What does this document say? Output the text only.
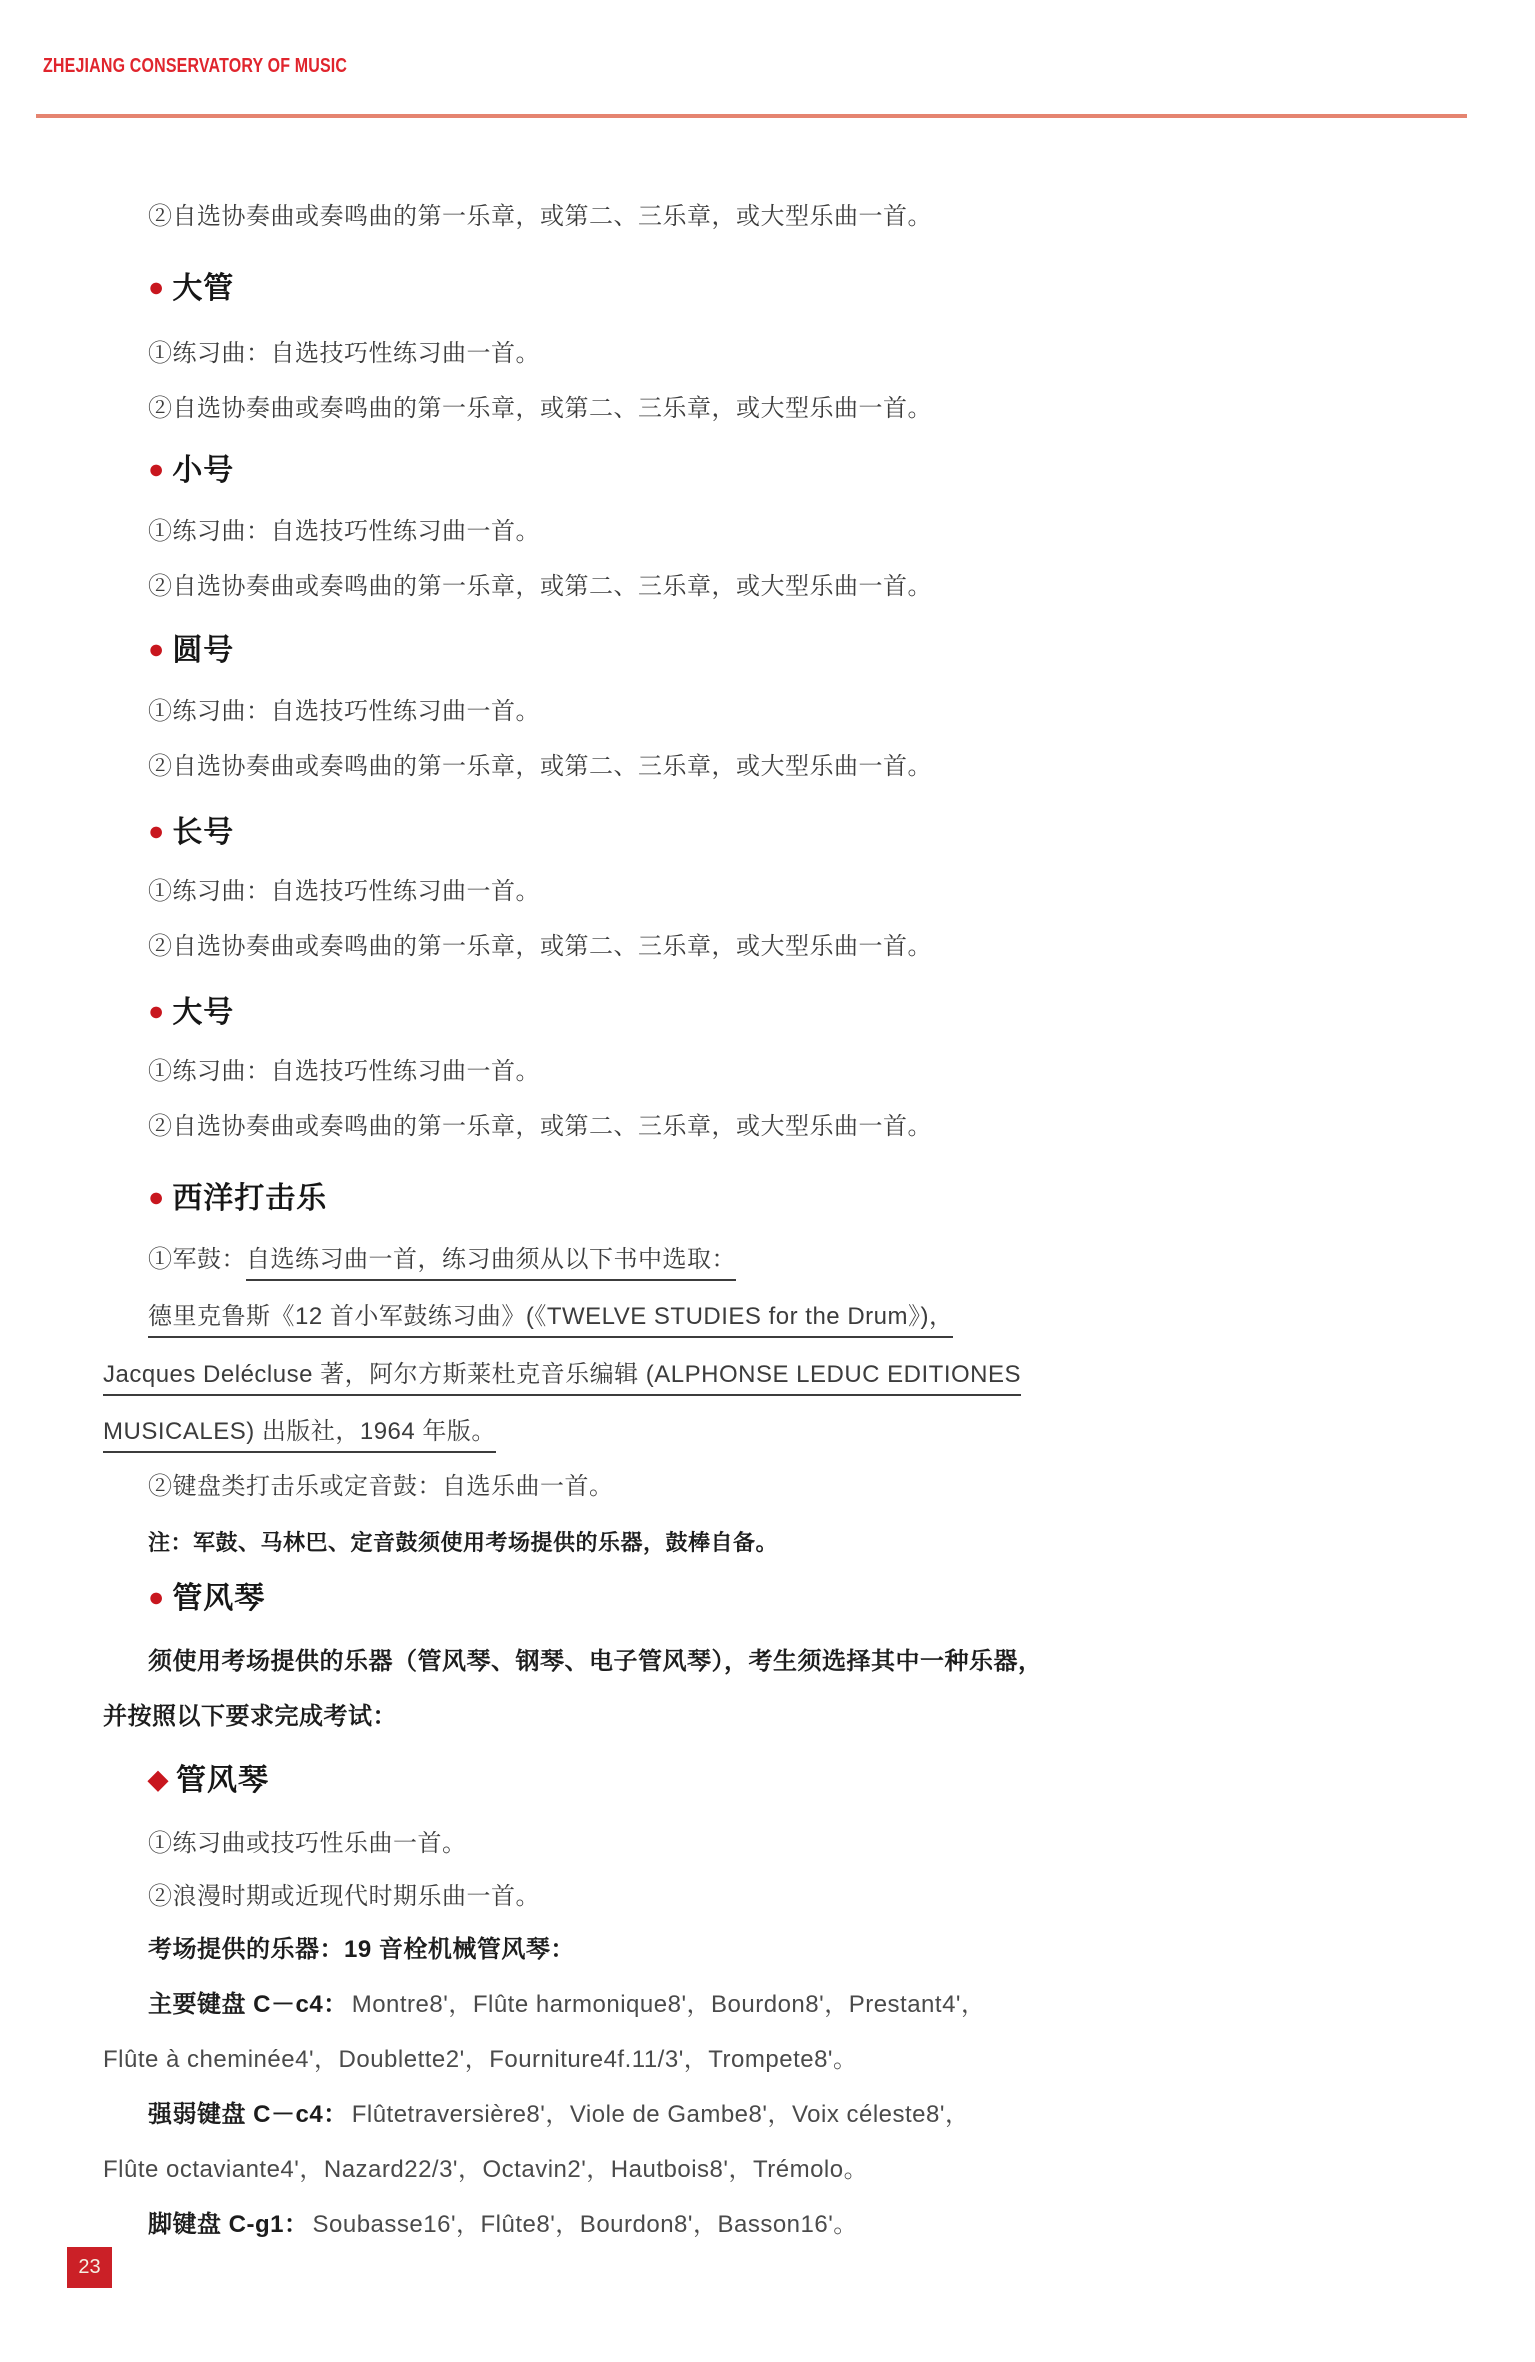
ZHEJIANG CONSERVATORY OF MUSIC
②自选协奏曲或奏鸣曲的第一乐章，或第二、三乐章，或大型乐曲一首。
● 大管
①练习曲：自选技巧性练习曲一首。
②自选协奏曲或奏鸣曲的第一乐章，或第二、三乐章，或大型乐曲一首。
● 小号
①练习曲：自选技巧性练习曲一首。
②自选协奏曲或奏鸣曲的第一乐章，或第二、三乐章，或大型乐曲一首。
● 圆号
①练习曲：自选技巧性练习曲一首。
②自选协奏曲或奏鸣曲的第一乐章，或第二、三乐章，或大型乐曲一首。
● 长号
①练习曲：自选技巧性练习曲一首。
②自选协奏曲或奏鸣曲的第一乐章，或第二、三乐章，或大型乐曲一首。
● 大号
①练习曲：自选技巧性练习曲一首。
②自选协奏曲或奏鸣曲的第一乐章，或第二、三乐章，或大型乐曲一首。
● 西洋打击乐
①军鼓：自选练习曲一首，练习曲须从以下书中选取：
德里克鲁斯《12 首小军鼓练习曲》(《TWELVE STUDIES for the Drum》)，
Jacques Delécluse 著，阿尔方斯莱杜克音乐编辑 (ALPHONSE LEDUC EDITIONES
MUSICALES) 出版社，1964 年版。
②键盘类打击乐或定音鼓：自选乐曲一首。
注：军鼓、马林巴、定音鼓须使用考场提供的乐器，鼓棒自备。
● 管风琴
须使用考场提供的乐器（管风琴、钢琴、电子管风琴），考生须选择其中一种乐器，
并按照以下要求完成考试：
◆ 管风琴
①练习曲或技巧性乐曲一首。
②浪漫时期或近现代时期乐曲一首。
考场提供的乐器：19 音栓机械管风琴：
主要键盘 C－c4： Montre8'，Flûte harmonique8'，Bourdon8'，Prestant4'，
Flûte à cheminée4'，Doublette2'，Fourniture4f.11/3'，Trompete8'。
强弱键盘 C－c4： Flûtetraversière8'，Viole de Gambe8'，Voix céleste8'，
Flûte octaviante4'，Nazard22/3'，Octavin2'，Hautbois8'，Trémolo。
脚键盘 C-g1： Soubasse16'，Flûte8'，Bourdon8'，Basson16'。
23
